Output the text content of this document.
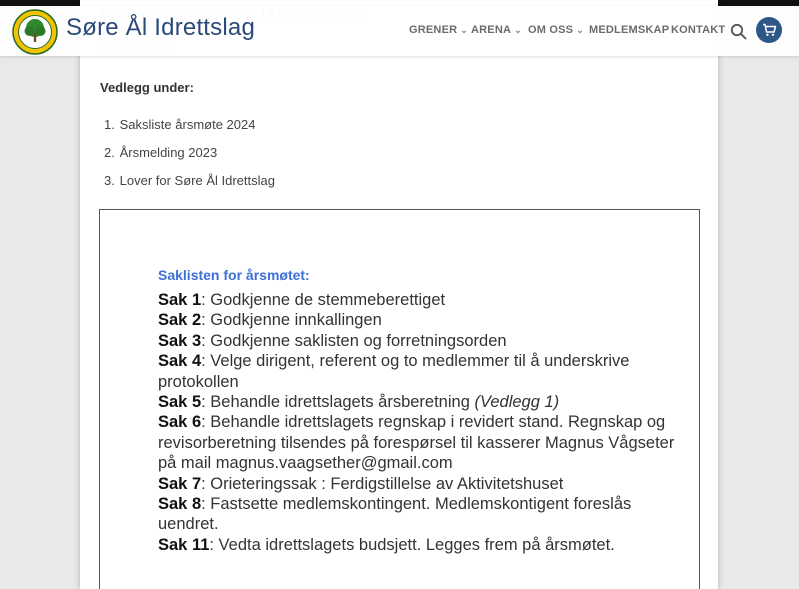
Søre Ål Idrettslag	GRENER ⌄ ARENA ⌄ OM OSS ⌄ MEDLEMSKAP KONTAKT
Vedlegg under:
1. Saksliste årsmøte 2024
2. Årsmelding 2023
3. Lover for Søre Ål Idrettslag
Saklisten for årsmøtet:

Sak 1: Godkjenne de stemmeberettiget

Sak 2: Godkjenne innkallingen

Sak 3: Godkjenne saklisten og forretningsorden

Sak 4: Velge dirigent, referent og to medlemmer til å underskrive protokollen

Sak 5: Behandle idrettslagets årsberetning (Vedlegg 1)

Sak 6: Behandle idrettslagets regnskap i revidert stand. Regnskap og revisorberetning tilsendes på forespørsel til kasserer Magnus Vågseter på mail magnus.vaagsether@gmail.com

Sak 7: Orieteringssak : Ferdigstillelse av Aktivitetshuset

Sak 8: Fastsette medlemskontingent. Medlemskontigent foreslås uendret.

Sak 11: Vedta idrettslagets budsjett. Legges frem på årsmøtet.
